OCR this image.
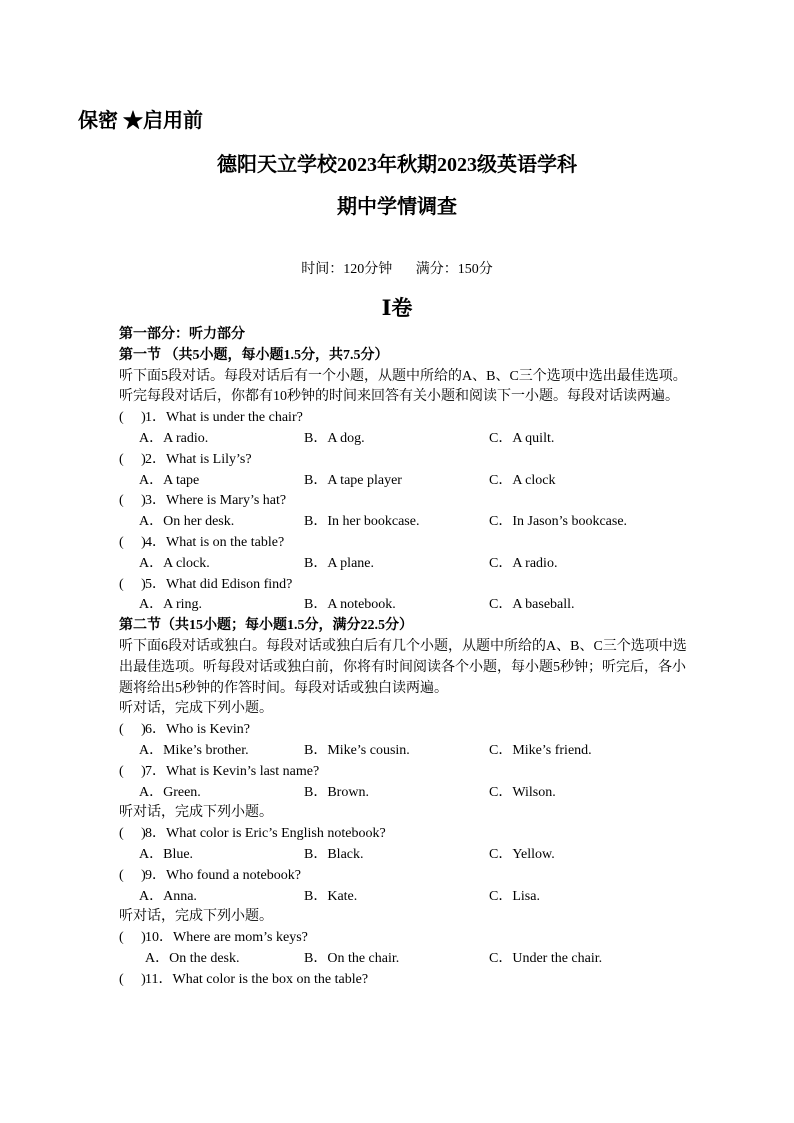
保密 ★启用前
德阳天立学校2023年秋期2023级英语学科
期中学情调查
时间：120分钟 满分：150分
Ⅰ卷
第一部分：听力部分
第一节 （共5小题，每小题1.5分，共7.5分）
听下面5段对话。每段对话后有一个小题，从题中所给的A、B、C三个选项中选出最佳选项。听完每段对话后，你都有10秒钟的时间来回答有关小题和阅读下一小题。每段对话读两遍。
(　 )1．What is under the chair?
A．A radio.	B．A dog.	C．A quilt.
(　 )2．What is Lily’s?
A．A tape	B．A tape player	C．A clock
(　 )3．Where is Mary’s hat?
A．On her desk.	B．In her bookcase.	C．In Jason’s bookcase.
(　 )4．What is on the table?
A．A clock.	B．A plane.	C．A radio.
(　 )5．What did Edison find?
A．A ring.	B．A notebook.	C．A baseball.
第二节（共15小题；每小题1.5分，满分22.5分）
听下面6段对话或独白。每段对话或独白后有几个小题，从题中所给的A、B、C三个选项中选出最佳选项。听每段对话或独白前，你将有时间阅读各个小题，每小题5秒钟；听完后，各小题将给出5秒钟的作答时间。每段对话或独白读两遍。
听对话，完成下列小题。
(　 )6．Who is Kevin?
A．Mike’s brother.	B．Mike’s cousin.	C．Mike’s friend.
(　 )7．What is Kevin’s last name?
A．Green.	B．Brown.	C．Wilson.
听对话，完成下列小题。
(　 )8．What color is Eric’s English notebook?
A．Blue.	B．Black.	C．Yellow.
(　 )9．Who found a notebook?
A．Anna.	B．Kate.	C．Lisa.
听对话，完成下列小题。
(　 )10．Where are mom’s keys?
A．On the desk.	B．On the chair.	C．Under the chair.
(　 )11．What color is the box on the table?
